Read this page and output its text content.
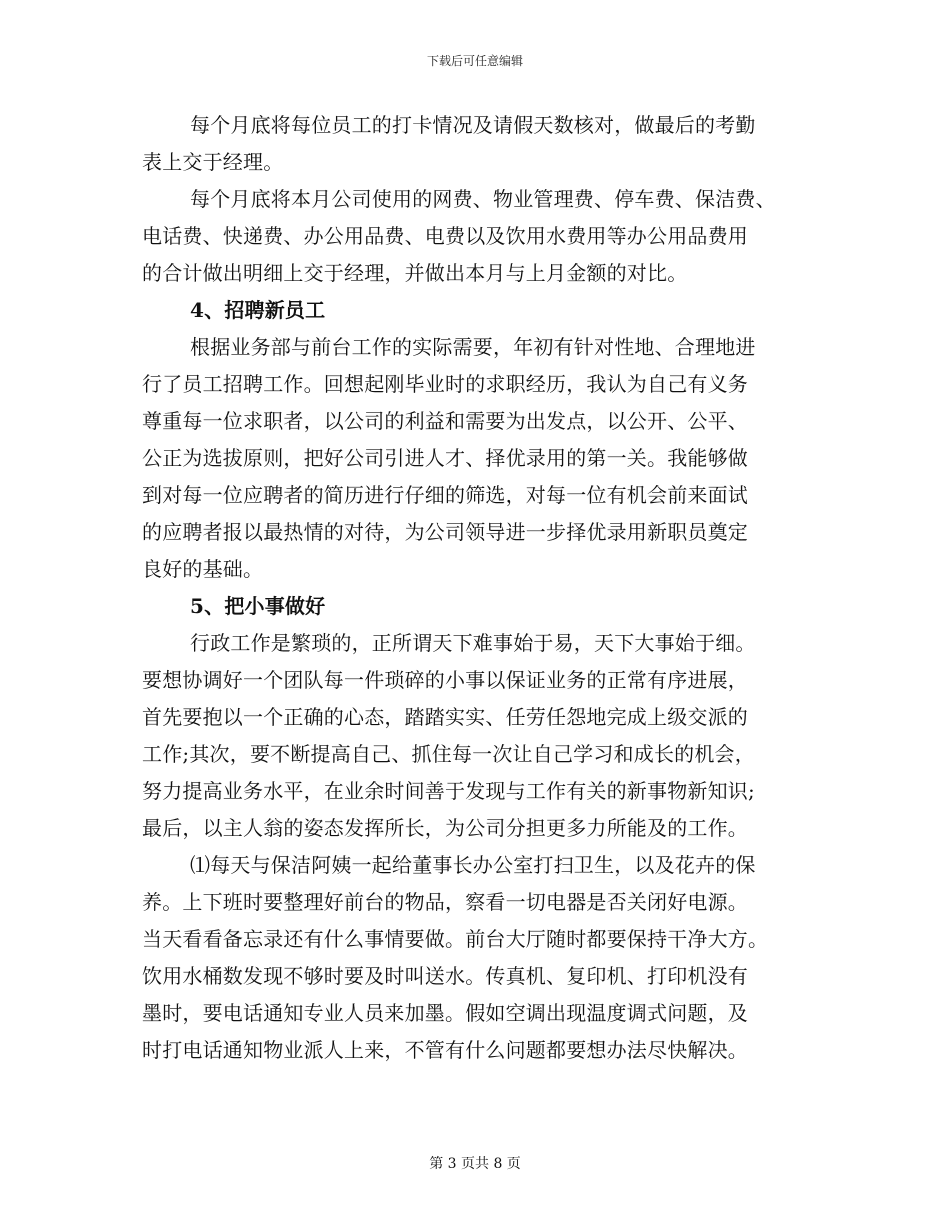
下载后可任意编辑
每个月底将每位员工的打卡情况及请假天数核对，做最后的考勤
表上交于经理。
每个月底将本月公司使用的网费、物业管理费、停车费、保洁费、
电话费、快递费、办公用品费、电费以及饮用水费用等办公用品费用
的合计做出明细上交于经理，并做出本月与上月金额的对比。
4、招聘新员工
根据业务部与前台工作的实际需要，年初有针对性地、合理地进
行了员工招聘工作。回想起刚毕业时的求职经历，我认为自己有义务
尊重每一位求职者，以公司的利益和需要为出发点，以公开、公平、
公正为选拔原则，把好公司引进人才、择优录用的第一关。我能够做
到对每一位应聘者的简历进行仔细的筛选，对每一位有机会前来面试
的应聘者报以最热情的对待，为公司领导进一步择优录用新职员奠定
良好的基础。
5、把小事做好
行政工作是繁琐的，正所谓天下难事始于易，天下大事始于细。
要想协调好一个团队每一件琐碎的小事以保证业务的正常有序进展，
首先要抱以一个正确的心态，踏踏实实、任劳任怨地完成上级交派的
工作;其次，要不断提高自己、抓住每一次让自己学习和成长的机会，
努力提高业务水平，在业余时间善于发现与工作有关的新事物新知识;
最后，以主人翁的姿态发挥所长，为公司分担更多力所能及的工作。
⑴每天与保洁阿姨一起给董事长办公室打扫卫生，以及花卉的保
养。上下班时要整理好前台的物品，察看一切电器是否关闭好电源。
当天看看备忘录还有什么事情要做。前台大厅随时都要保持干净大方。
饮用水桶数发现不够时要及时叫送水。传真机、复印机、打印机没有
墨时，要电话通知专业人员来加墨。假如空调出现温度调式问题，及
时打电话通知物业派人上来，不管有什么问题都要想办法尽快解决。
第 3 页共 8 页
